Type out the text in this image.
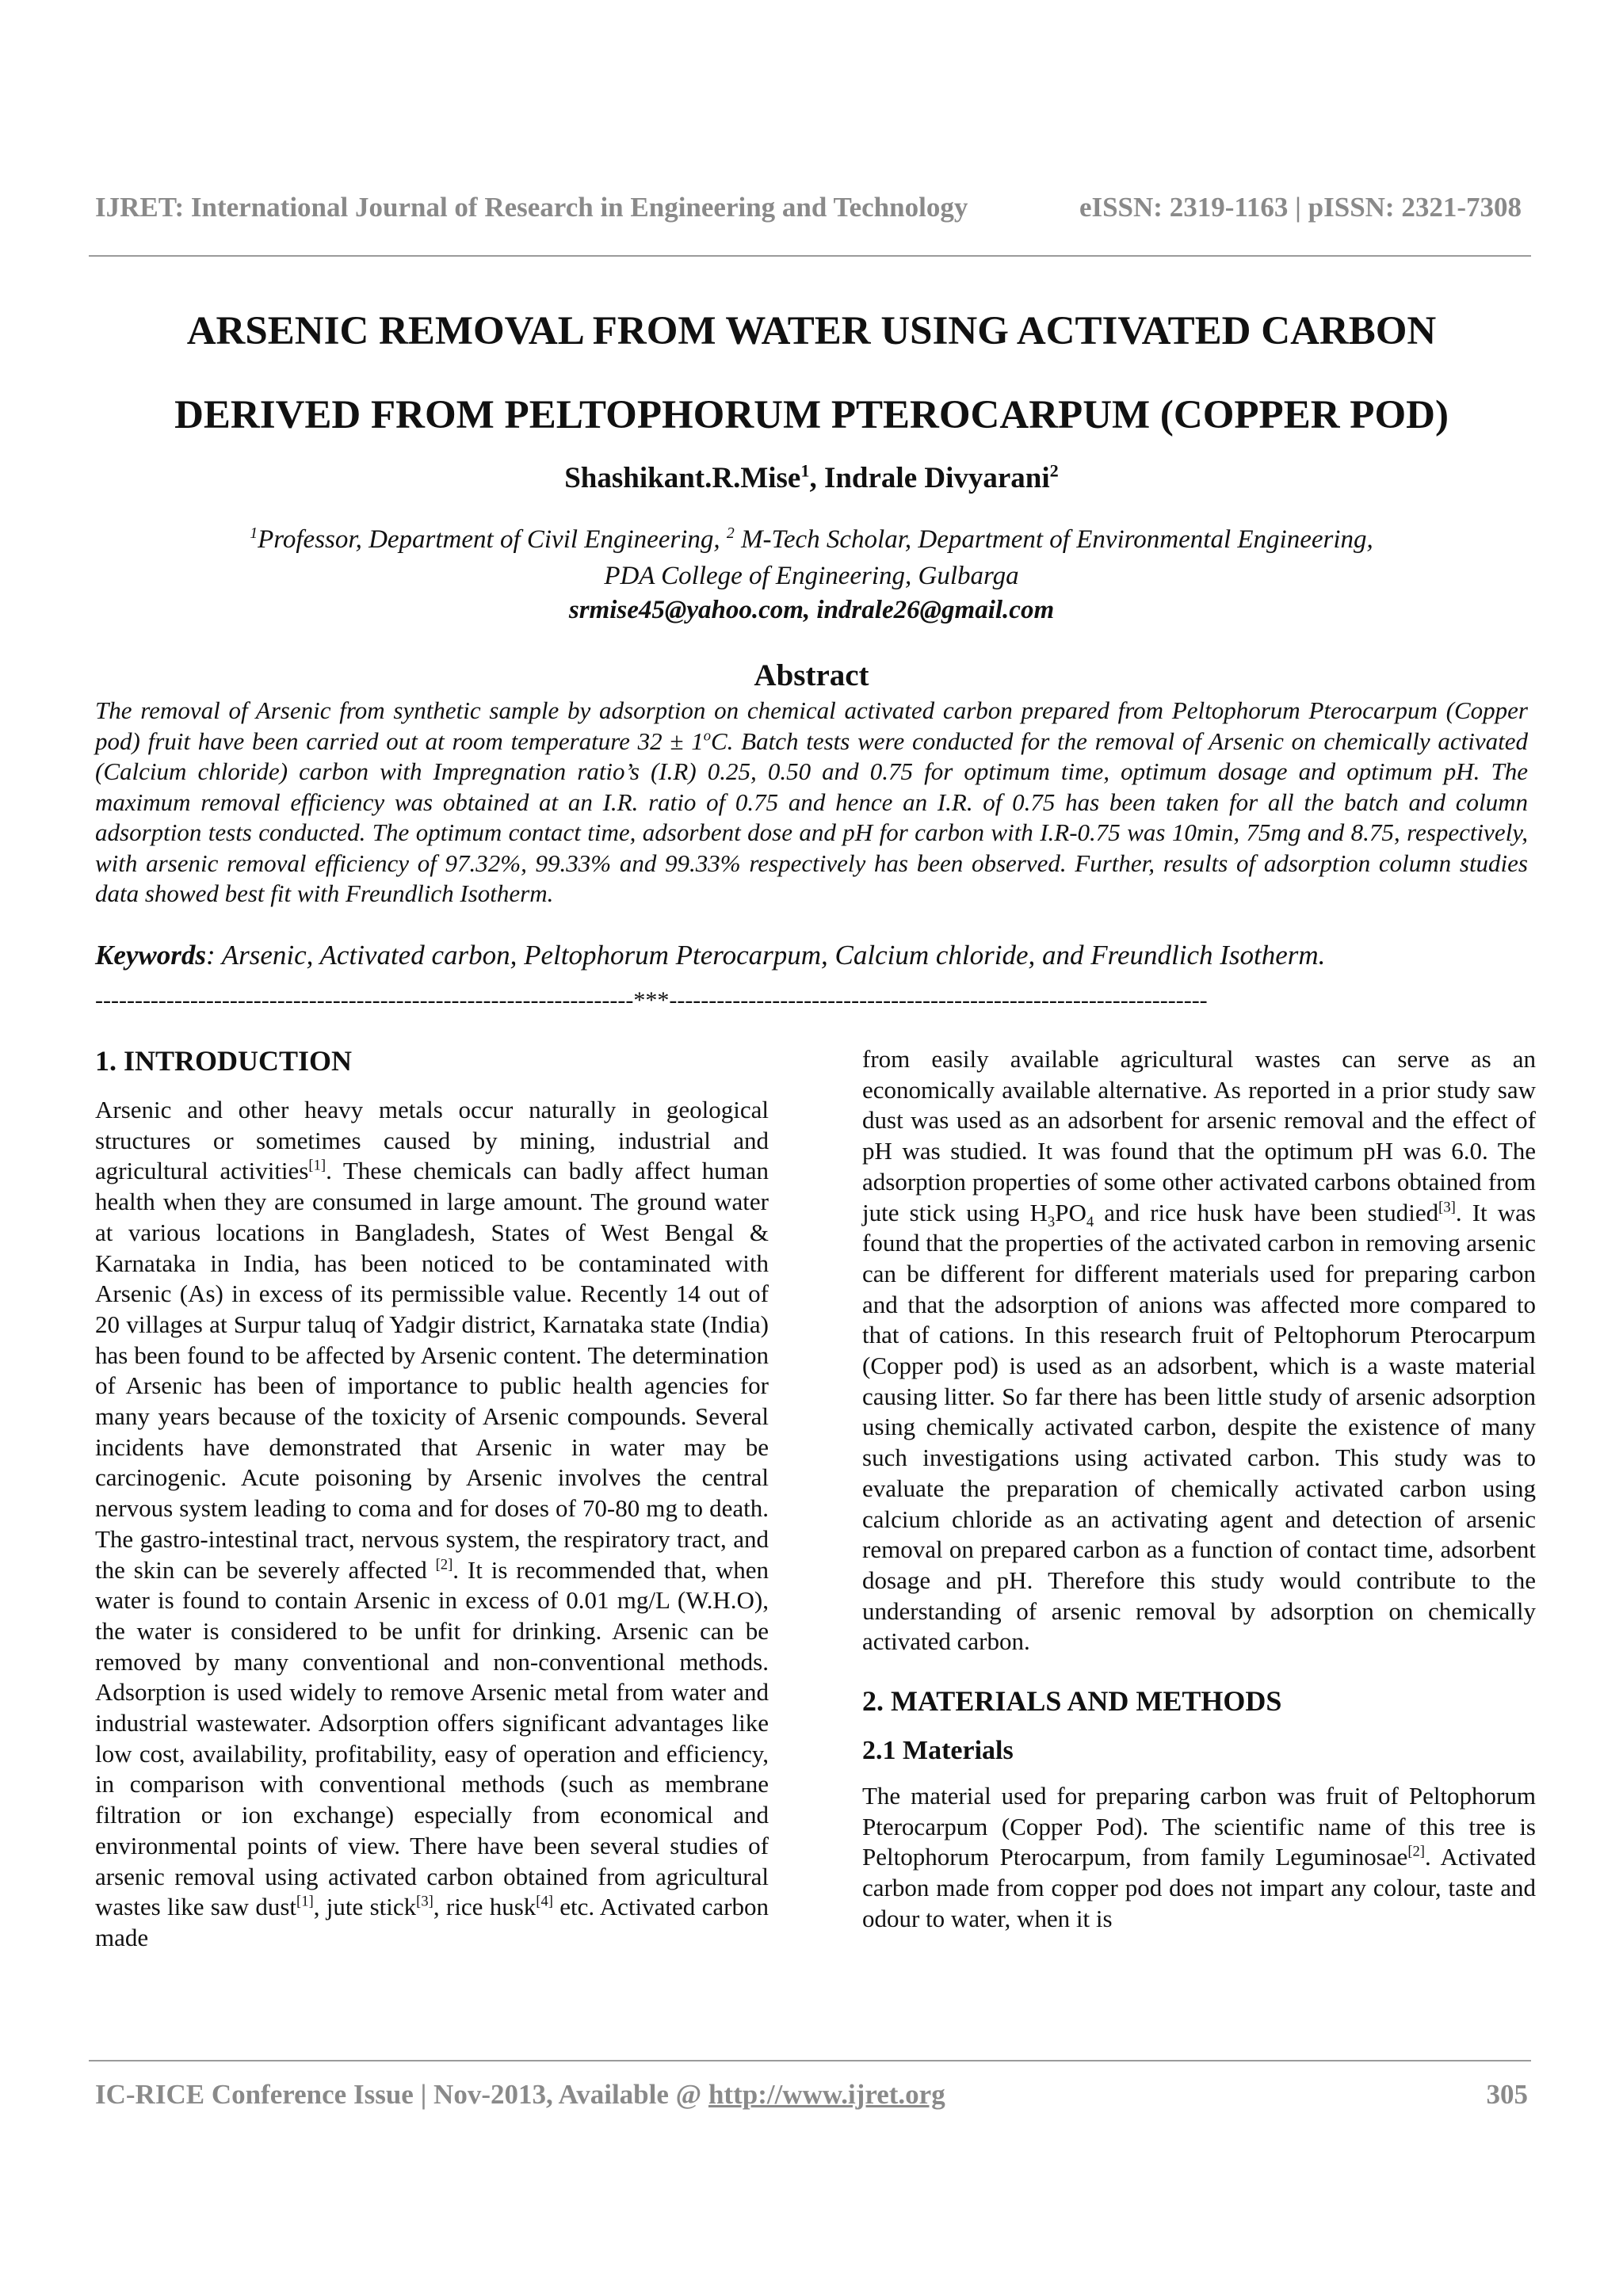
IJRET: International Journal of Research in Engineering and Technology	eISSN: 2319-1163 | pISSN: 2321-7308
ARSENIC REMOVAL FROM WATER USING ACTIVATED CARBON
DERIVED FROM PELTOPHORUM PTEROCARPUM (COPPER POD)
Shashikant.R.Mise$^1$, Indrale Divyarani$^2$
$^1$Professor, Department of Civil Engineering, $^2$ M-Tech Scholar, Department of Environmental Engineering,
PDA College of Engineering, Gulbarga
srmise45@yahoo.com, indrale26@gmail.com
Abstract
The removal of Arsenic from synthetic sample by adsorption on chemical activated carbon prepared from Peltophorum Pterocarpum (Copper pod) fruit have been carried out at room temperature $32 \pm 1^oC$. Batch tests were conducted for the removal of Arsenic on chemically activated (Calcium chloride) carbon with Impregnation ratio’s (I.R) 0.25, 0.50 and 0.75 for optimum time, optimum dosage and optimum pH. The maximum removal efficiency was obtained at an I.R. ratio of 0.75 and hence an I.R. of 0.75 has been taken for all the batch and column adsorption tests conducted. The optimum contact time, adsorbent dose and pH for carbon with I.R-0.75 was 10min, 75mg and 8.75, respectively, with arsenic removal efficiency of 97.32%, 99.33% and 99.33% respectively has been observed. Further, results of adsorption column studies data showed best fit with Freundlich Isotherm.
Keywords: Arsenic, Activated carbon, Peltophorum Pterocarpum, Calcium chloride, and Freundlich Isotherm.
--------------------------------------------------------------------***--------------------------------------------------------------------
1. INTRODUCTION

Arsenic and other heavy metals occur naturally in geological structures or sometimes caused by mining, industrial and agricultural activities[1]. These chemicals can badly affect human health when they are consumed in large amount. The ground water at various locations in Bangladesh, States of West Bengal & Karnataka in India, has been noticed to be contaminated with Arsenic (As) in excess of its permissible value. Recently 14 out of 20 villages at Surpur taluq of Yadgir district, Karnataka state (India) has been found to be affected by Arsenic content. The determination of Arsenic has been of importance to public health agencies for many years because of the toxicity of Arsenic compounds. Several incidents have demonstrated that Arsenic in water may be carcinogenic. Acute poisoning by Arsenic involves the central nervous system leading to coma and for doses of 70-80 mg to death. The gastro-intestinal tract, nervous system, the respiratory tract, and the skin can be severely affected [2]. It is recommended that, when water is found to contain Arsenic in excess of 0.01 mg/L (W.H.O), the water is considered to be unfit for drinking. Arsenic can be removed by many conventional and non-conventional methods. Adsorption is used widely to remove Arsenic metal from water and industrial wastewater. Adsorption offers significant advantages like low cost, availability, profitability, easy of operation and efficiency, in comparison with conventional methods (such as membrane filtration or ion exchange) especially from economical and environmental points of view. There have been several studies of arsenic removal using activated carbon obtained from agricultural wastes like saw dust[1], jute stick[3], rice husk[4] etc. Activated carbon made

from easily available agricultural wastes can serve as an economically available alternative. As reported in a prior study saw dust was used as an adsorbent for arsenic removal and the effect of pH was studied. It was found that the optimum pH was 6.0. The adsorption properties of some other activated carbons obtained from jute stick using $H_3PO_4$ and rice husk have been studied[3]. It was found that the properties of the activated carbon in removing arsenic can be different for different materials used for preparing carbon and that the adsorption of anions was affected more compared to that of cations. In this research fruit of Peltophorum Pterocarpum (Copper pod) is used as an adsorbent, which is a waste material causing litter. So far there has been little study of arsenic adsorption using chemically activated carbon, despite the existence of many such investigations using activated carbon. This study was to evaluate the preparation of chemically activated carbon using calcium chloride as an activating agent and detection of arsenic removal on prepared carbon as a function of contact time, adsorbent dosage and pH. Therefore this study would contribute to the understanding of arsenic removal by adsorption on chemically activated carbon.

2. MATERIALS AND METHODS
2.1 Materials

The material used for preparing carbon was fruit of Peltophorum Pterocarpum (Copper Pod). The scientific name of this tree is Peltophorum Pterocarpum, from family Leguminosae[2]. Activated carbon made from copper pod does not impart any colour, taste and odour to water, when it is

IC-RICE Conference Issue | Nov-2013, Available @ http://www.ijret.org	305
